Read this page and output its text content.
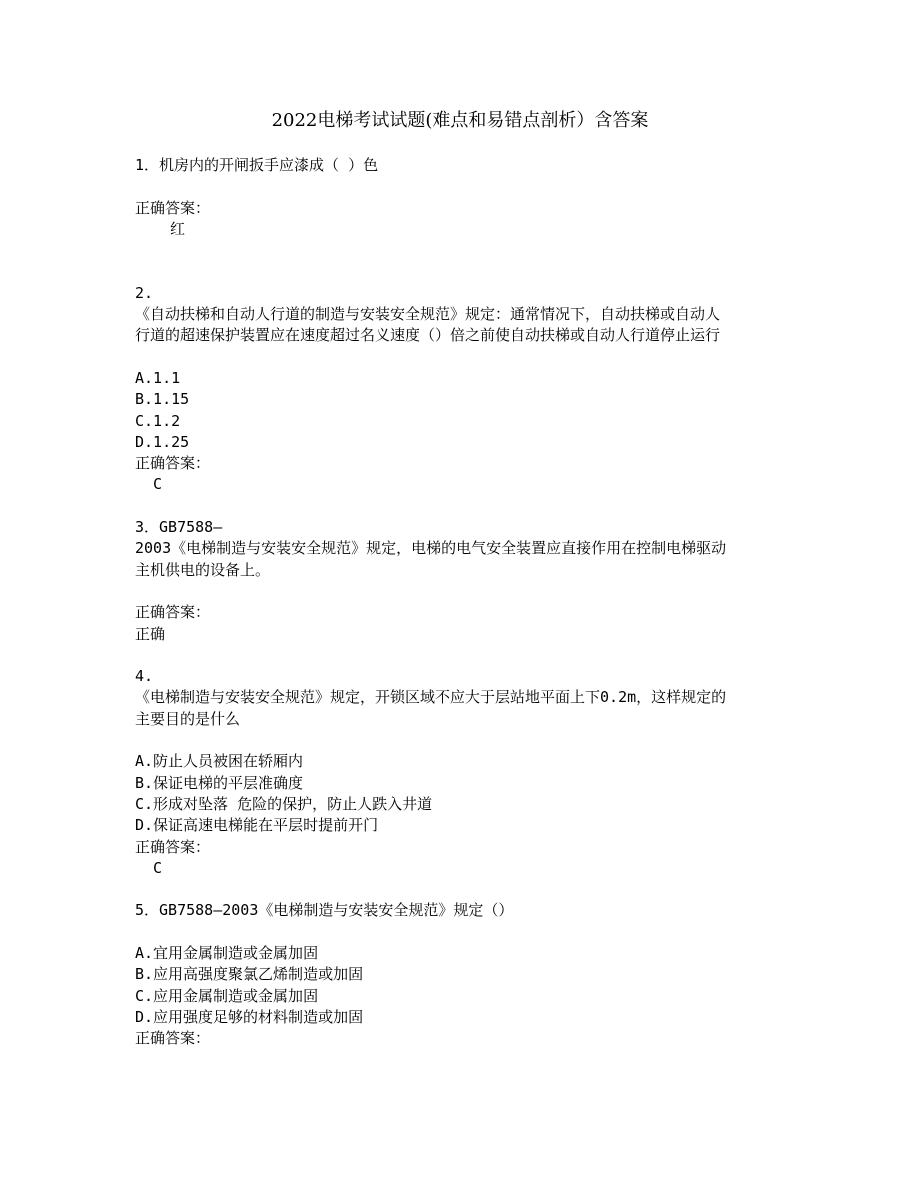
2022电梯考试试题(难点和易错点剖析）含答案
1．机房内的开闸扳手应漆成（ ）色
正确答案：
红
2.
《自动扶梯和自动人行道的制造与安装安全规范》规定：通常情况下，自动扶梯或自动人
行道的超速保护装置应在速度超过名义速度（）倍之前使自动扶梯或自动人行道停止运行
A.1.1
B.1.15
C.1.2
D.1.25
正确答案：
C
3．GB7588—
2003《电梯制造与安装安全规范》规定，电梯的电气安全装置应直接作用在控制电梯驱动
主机供电的设备上。
正确答案：
正确
4.
《电梯制造与安装安全规范》规定，开锁区域不应大于层站地平面上下0.2m，这样规定的
主要目的是什么
A.防止人员被困在轿厢内
B.保证电梯的平层准确度
C.形成对坠落 危险的保护，防止人跌入井道
D.保证高速电梯能在平层时提前开门
正确答案：
C
5．GB7588—2003《电梯制造与安装安全规范》规定（）
A.宜用金属制造或金属加固
B.应用高强度聚氯乙烯制造或加固
C.应用金属制造或金属加固
D.应用强度足够的材料制造或加固
正确答案：
